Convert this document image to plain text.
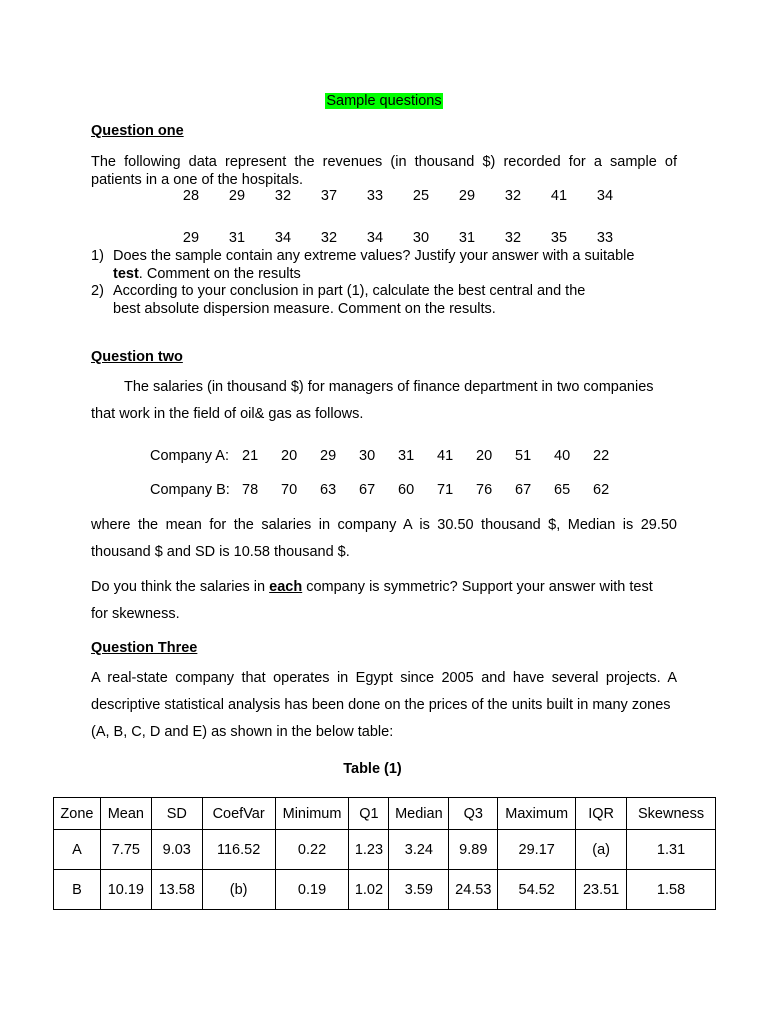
Sample questions
Question one
The following data represent the revenues (in thousand $) recorded for a sample of patients in a one of the hospitals.
28	29	32	37	33	25	29	32	41	34
29	31	34	32	34	30	31	32	35	33
1) Does the sample contain any extreme values? Justify your answer with a suitable
test. Comment on the results
2) According to your conclusion in part (1), calculate the best central and the
best absolute dispersion measure. Comment on the results.
Question two
The salaries (in thousand $) for managers of finance department in two companies
that work in the field of oil& gas as follows.
Company A: 21	20	29	30	31	41	20	51	40	22
Company B: 78	70	63	67	60	71	76	67	65	62
where the mean for the salaries in company A is 30.50 thousand $, Median is 29.50
thousand $ and SD is 10.58 thousand $.
Do you think the salaries in each company is symmetric? Support your answer with test
for skewness.
Question Three
A real-state company that operates in Egypt since 2005 and have several projects. A
descriptive statistical analysis has been done on the prices of the units built in many zones
(A, B, C, D and E) as shown in the below table:
Table (1)
Zone	Mean	SD	CoefVar	Minimum	Q1	Median	Q3	Maximum	IQR	Skewness
A	7.75	9.03	116.52	0.22	1.23	3.24	9.89	29.17	(a)	1.31
B	10.19	13.58	(b)	0.19	1.02	3.59	24.53	54.52	23.51	1.58
